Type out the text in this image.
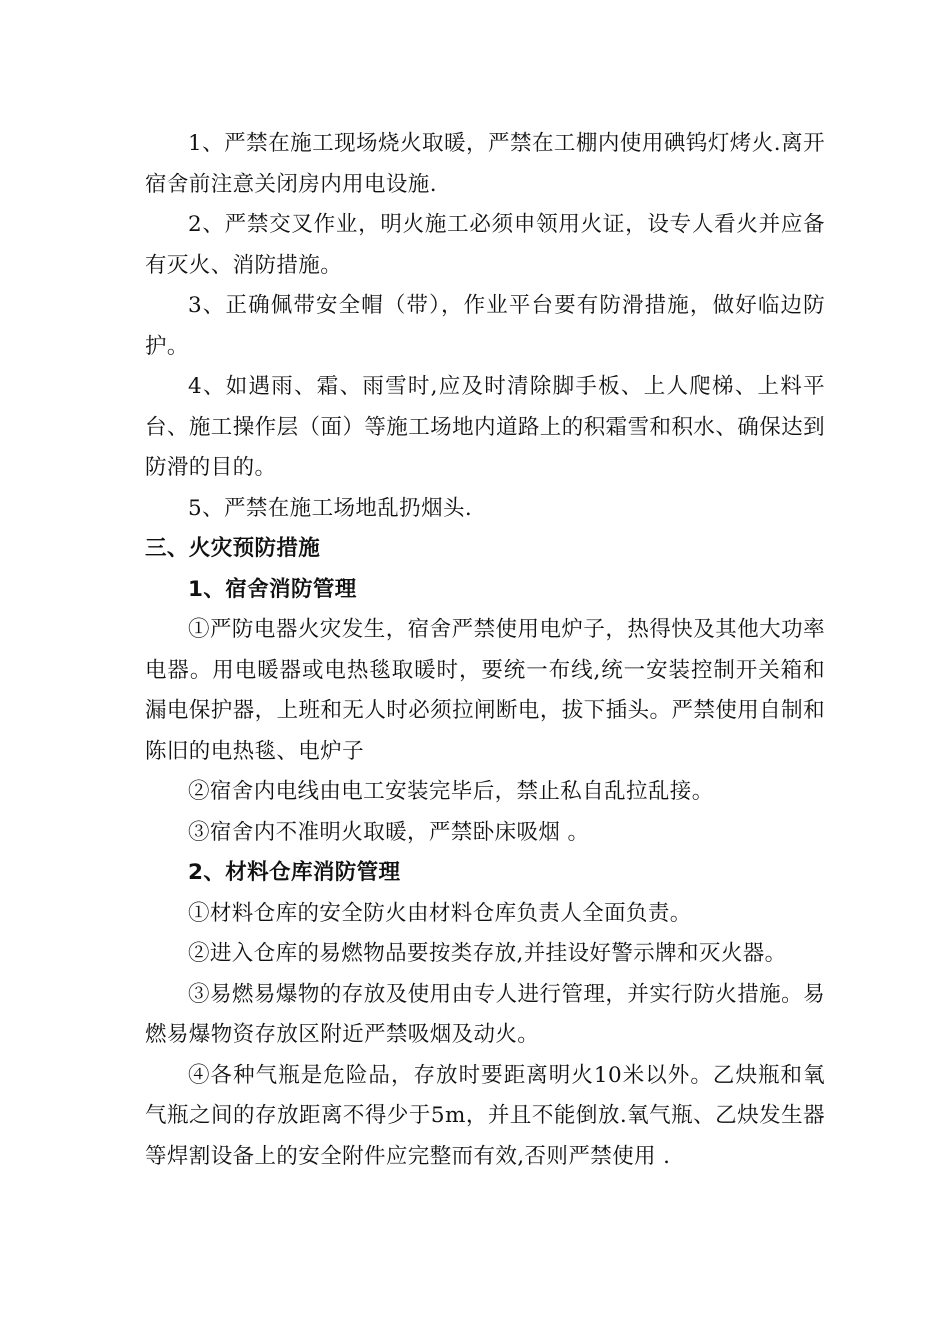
1、严禁在施工现场烧火取暖，严禁在工棚内使用碘钨灯烤火.离开宿舍前注意关闭房内用电设施.

2、严禁交叉作业，明火施工必须申领用火证，设专人看火并应备有灭火、消防措施。

3、正确佩带安全帽（带），作业平台要有防滑措施，做好临边防护。

4、如遇雨、霜、雨雪时,应及时清除脚手板、上人爬梯、上料平台、施工操作层（面）等施工场地内道路上的积霜雪和积水、确保达到防滑的目的。

5、严禁在施工场地乱扔烟头.

三、火灾预防措施

1、宿舍消防管理

①严防电器火灾发生，宿舍严禁使用电炉子，热得快及其他大功率电器。用电暖器或电热毯取暖时，要统一布线,统一安装控制开关箱和漏电保护器，上班和无人时必须拉闸断电，拔下插头。严禁使用自制和陈旧的电热毯、电炉子

②宿舍内电线由电工安装完毕后，禁止私自乱拉乱接。

③宿舍内不准明火取暖，严禁卧床吸烟 。

2、材料仓库消防管理

①材料仓库的安全防火由材料仓库负责人全面负责。

②进入仓库的易燃物品要按类存放,并挂设好警示牌和灭火器。

③易燃易爆物的存放及使用由专人进行管理，并实行防火措施。易燃易爆物资存放区附近严禁吸烟及动火。

④各种气瓶是危险品，存放时要距离明火10米以外。乙炔瓶和氧气瓶之间的存放距离不得少于5m，并且不能倒放.氧气瓶、乙炔发生器等焊割设备上的安全附件应完整而有效,否则严禁使用 .
